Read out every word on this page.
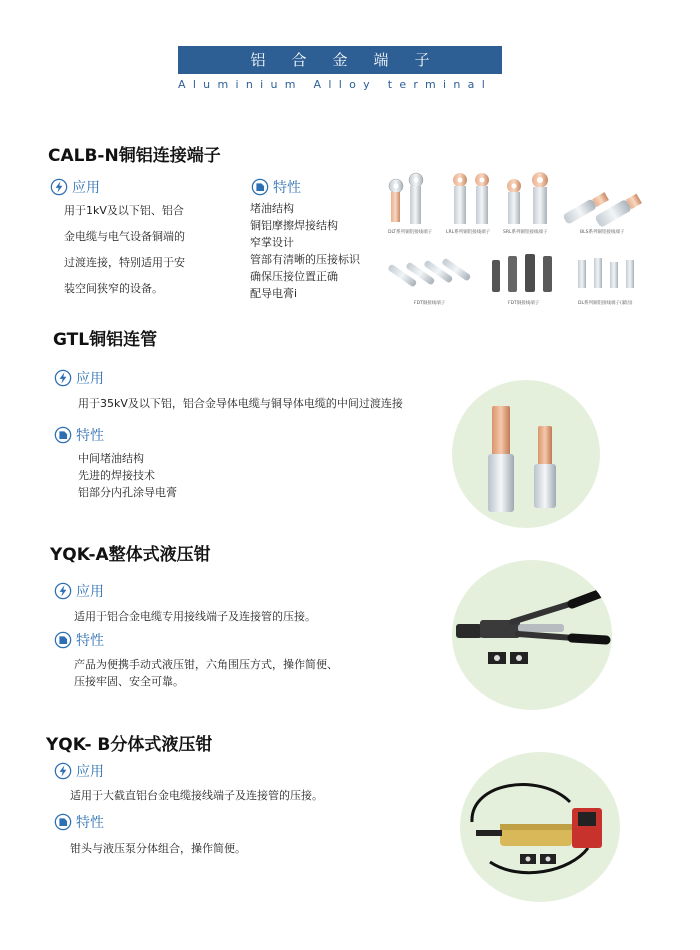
铝合金端子
Aluminium Alloy terminal
CALB-N铜铝连接端子
应用
用于1kV及以下铝、铝合
金电缆与电气设备铜端的
过渡连接，特别适用于安
装空间狭窄的设备。
特性
堵油结构
铜铝摩擦焊接结构
窄掌设计
管部有清晰的压接标识
确保压接位置正确
配导电膏i
DLT系列铜铝接线端子	LRL系列铜铝接线端子	SRL系列铜铝接线端子	BLS系列铜铝接线端子
FDT铜接线端子	FDT铜接线端子	DL系列铜铝接线端子(紧固)
GTL铜铝连管
应用
用于35kV及以下铝，铝合金导体电缆与铜导体电缆的中间过渡连接
特性
中间堵油结构
先进的焊接技术
铝部分内孔涂导电膏
YQK-A整体式液压钳
应用
适用于铝合金电缆专用接线端子及连接管的压接。
特性
产品为便携手动式液压钳，六角围压方式，操作简便、
压接牢固、安全可靠。
YQK- B分体式液压钳
应用
适用于大截直铝台金电缆接线端子及连接管的压接。
特性
钳头与液压泵分体组合，操作简便。
